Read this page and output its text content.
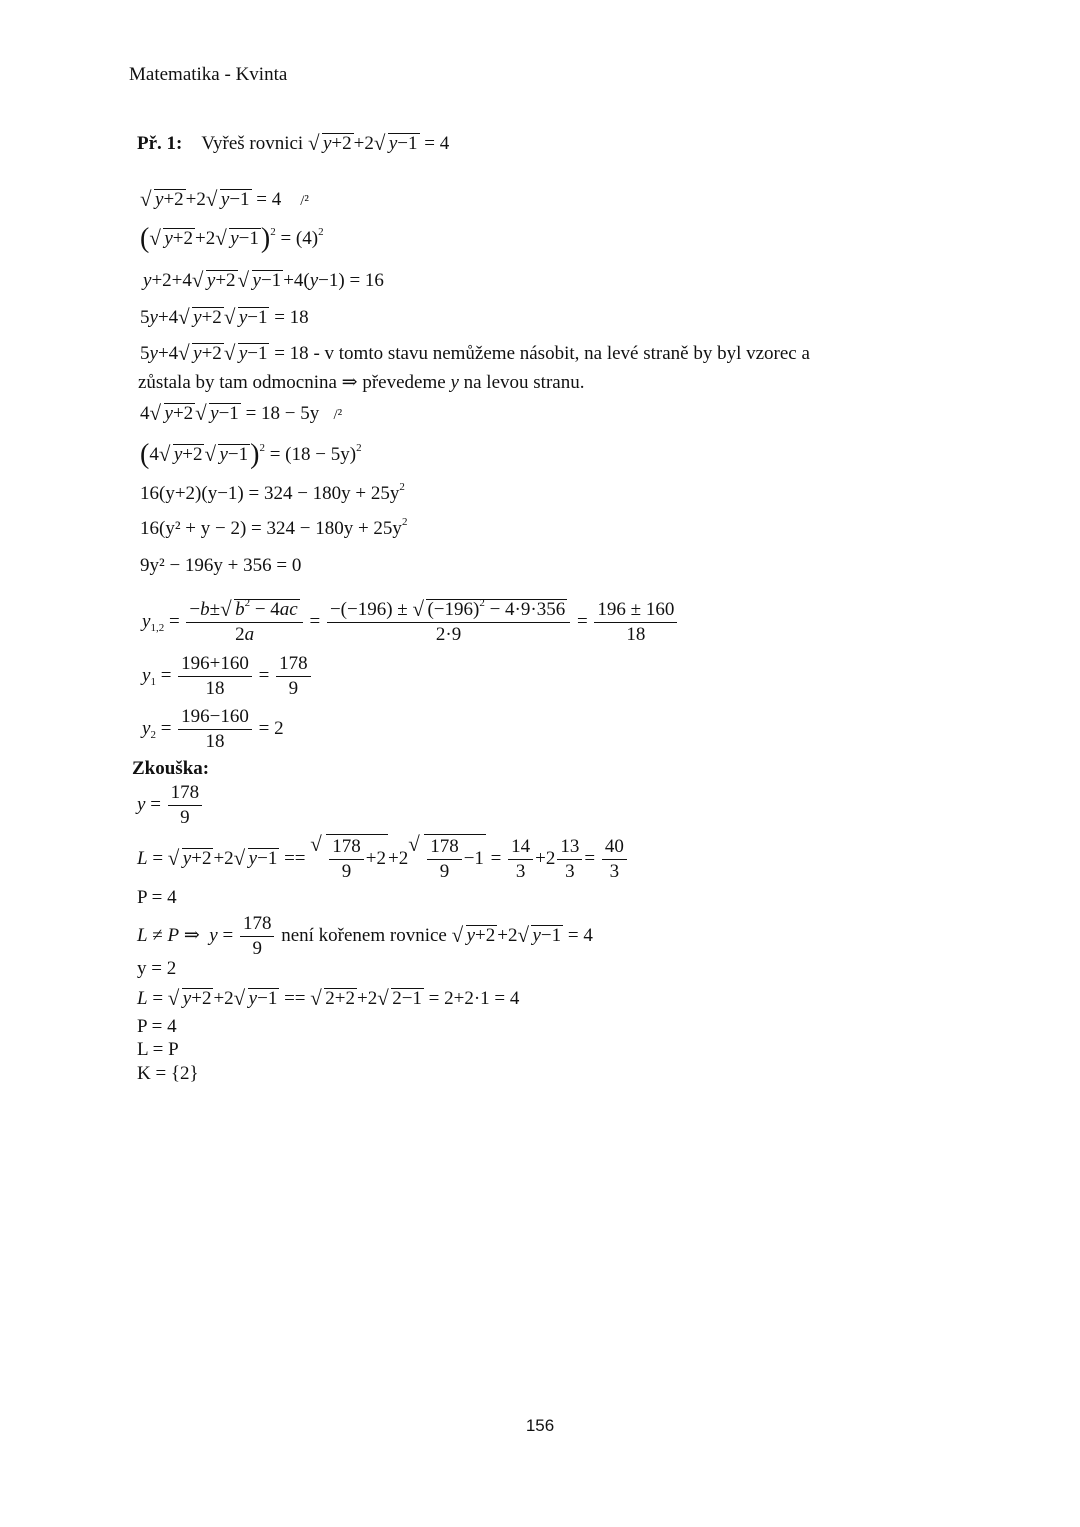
Matematika - Kvinta
Př. 1: Vyřeš rovnici √ y+2 +2 √ y−1 = 4
√ y+2 +2 √ y−1 = 4    /²
( √ y+2 +2 √ $y-1)^2 = (4)^2$
y+2+4 √ y+2 √ y−1 +4(y−1) = 16
5y+4 √ y+2 √ y−1 = 18
5y+4 √ y+2 √ y−1 = 18 - v tomto stavu nemůžeme násobit, na levé straně by byl vzorec a
zůstala by tam odmocnina ⇒ převedeme y na levou stranu.
4 √ y+2 √ y−1 = 18 − 5y /²
(4 √ y+2 √ $y-1)^2 = (18 - 5y)^2$
$16(y+2)(y-1) = 324 - 180y + 25y^2$
$16(y^2 + y - 2) = 324 - 180y + 25y^2$
9y² − 196y + 356 = 0
$y_{1,2} = \frac{-b\pm √ b^2 - 4ac}{2a} = \frac{-(-196) \pm √ (-196)^2 - 4\cdot 9\cdot 356}{2\cdot 9} = \frac{196 \pm 160}{18}$
$y_1 = \frac{196+160}{18} = \frac{178}{9}$
$y_2 = \frac{196-160}{18} = 2$
Zkouška:
$y = \frac{178}{9}$
L = √ y+2 +2 √ y−1 == √ $\frac{178}{9} +2 +2$ √ $\frac{178}{9} -1 = \frac{14}{3} +2 \frac{13}{3} = \frac{40}{3}$
P = 4
L ≠ P ⇒  $y = \frac{178}{9}$ není kořenem rovnice √ y+2 +2 √ y−1 = 4
y = 2
L = √ y+2 +2 √ y−1 == √ 2+2 +2 √ 2−1 = 2+2·1 = 4
P = 4
L = P
K = {2}
156
